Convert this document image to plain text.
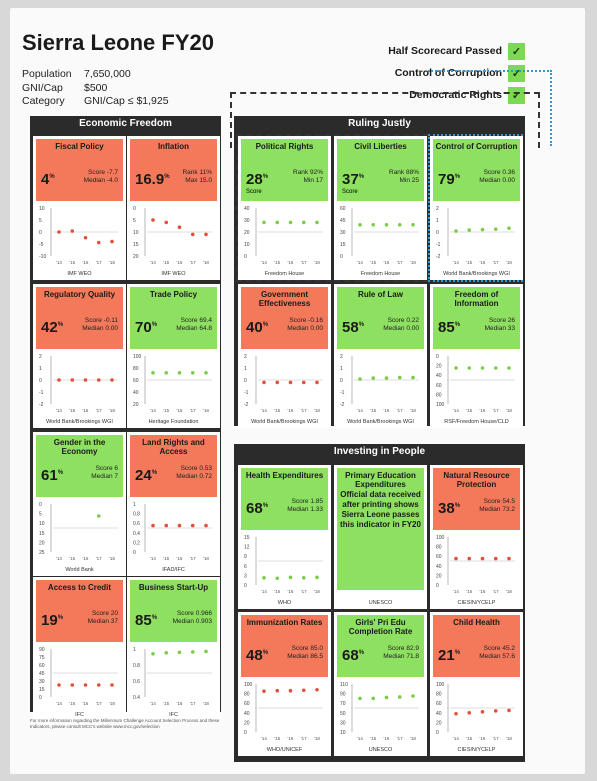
Sierra Leone FY20
Population	7,650,000
GNI/Cap	$500
Category	GNI/Cap ≤ $1,925
Half Scorecard Passed ✓
Control of Corruption ✓
Democratic Rights ✓
Economic Freedom	Ruling Justly
Investing in People
Fiscal Policy
4%
Score -7.7
Median -4.0
10
5
0
-5
-10
'14 '15 '16 '17 '18
IMF WEO
Inflation
16.9%
Rank 11%
Max 15.0
0
5
10
15
20
'14 '15 '16 '17 '18
IMF WEO
Regulatory Quality
42%
Score -0.11
Median 0.00
2
1
0
-1
-2
'14 '15 '16 '17 '18
World Bank/Brookings WGI
Trade Policy
70%
Score 69.4
Median 64.8
100
80
60
40
20
'14 '15 '16 '17 '18
Heritage Foundation
Gender in the Economy
61%
Score 6
Median 7
0
5
10
15
20
25
'14 '15 '16 '17 '18
World Bank
Land Rights and Access
24%
Score 0.53
Median 0.72
1
0.8
0.6
0.4
0.2
0
'14 '15 '16 '17 '18
IFAD/IFC
Access to Credit
19%
Score 20
Median 37
90
75
60
45
30
15
0
'14 '15 '16 '17 '18
IFC
Business Start-Up
85%
Score 0.966
Median 0.903
1
0.8
0.6
0.4
'14 '15 '16 '17 '18
IFC
Political Rights
28%
Rank 92%
Min 17
Score
40
30
20
10
0
'14 '15 '16 '17 '18
Freedom House
Civil Liberties
37%
Rank 88%
Min 25
Score
60
45
30
15
0
'14 '15 '16 '17 '18
Freedom House
Control of Corruption
79%
Score 0.36
Median 0.00
2
1
0
-1
-2
'14 '15 '16 '17 '18
World Bank/Brookings WGI
Government Effectiveness
40%
Score -0.16
Median 0.00
2
1
0
-1
-2
'14 '15 '16 '17 '18
World Bank/Brookings WGI
Rule of Law
58%
Score 0.22
Median 0.00
2
1
0
-1
-2
'14 '15 '16 '17 '18
World Bank/Brookings WGI
Freedom of Information
85%
Score 26
Median 33
0
20
40
60
80
100
'14 '15 '16 '17 '18
RSF/Freedom House/CLD
Health Expenditures
68%
Score 1.85
Median 1.33
15
12
9
6
3
0
'14 '15 '16 '17 '18
WHO
Primary Education Expenditures
Official data received after printing shows Sierra Leone passes this indicator in FY20
UNESCO
Natural Resource Protection
38%
Score 54.5
Median 73.2
100
80
60
40
20
0
'14 '15 '16 '17 '18
CIESIN/YCELP
Immunization Rates
48%
Score 85.0
Median 86.5
100
80
60
40
20
0
'14 '15 '16 '17 '18
WHO/UNICEF
Girls' Pri Edu Completion Rate
68%
Score 82.9
Median 71.8
110
90
70
50
30
10
'14 '15 '16 '17 '18
UNESCO
Child Health
21%
Score 45.2
Median 57.6
100
80
60
40
20
0
'14 '15 '16 '17 '18
CIESIN/YCELP
For more information regarding the Millennium Challenge Account Selection Process and these Indicators, please consult MCC's website www.mcc.gov/selection
